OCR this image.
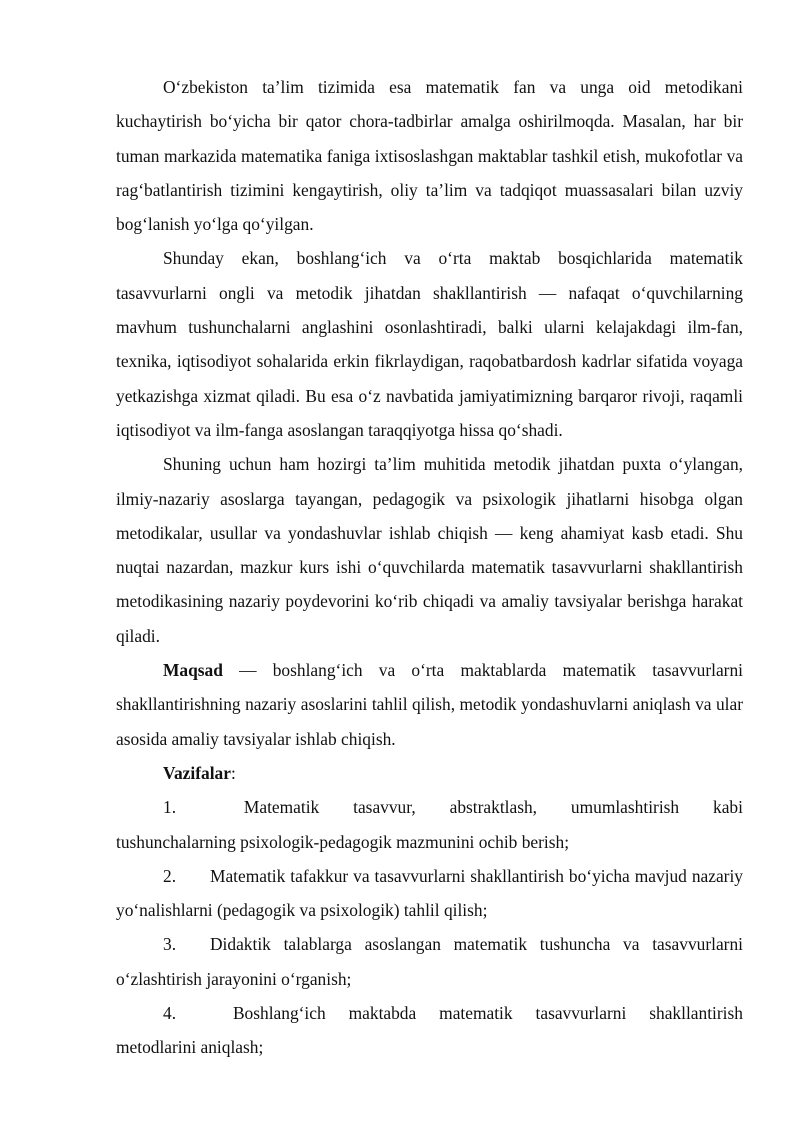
O‘zbekiston ta’lim tizimida esa matematik fan va unga oid metodikani kuchaytirish bo‘yicha bir qator chora-tadbirlar amalga oshirilmoqda. Masalan, har bir tuman markazida matematika faniga ixtisoslashgan maktablar tashkil etish, mukofotlar va rag‘batlantirish tizimini kengaytirish, oliy ta’lim va tadqiqot muassasalari bilan uzviy bog‘lanish yo‘lga qo‘yilgan.

Shunday ekan, boshlang‘ich va o‘rta maktab bosqichlarida matematik tasavvurlarni ongli va metodik jihatdan shakllantirish — nafaqat o‘quvchilarning mavhum tushunchalarni anglashini osonlashtiradi, balki ularni kelajakdagi ilm-fan, texnika, iqtisodiyot sohalarida erkin fikrlaydigan, raqobatbardosh kadrlar sifatida voyaga yetkazishga xizmat qiladi. Bu esa o‘z navbatida jamiyatimizning barqaror rivoji, raqamli iqtisodiyot va ilm-fanga asoslangan taraqqiyotga hissa qo‘shadi.

Shuning uchun ham hozirgi ta’lim muhitida metodik jihatdan puxta o‘ylangan, ilmiy-nazariy asoslarga tayangan, pedagogik va psixologik jihatlarni hisobga olgan metodikalar, usullar va yondashuvlar ishlab chiqish — keng ahamiyat kasb etadi. Shu nuqtai nazardan, mazkur kurs ishi o‘quvchilarda matematik tasavvurlarni shakllantirish metodikasining nazariy poydevorini ko‘rib chiqadi va amaliy tavsiyalar berishga harakat qiladi.

Maqsad — boshlang‘ich va o‘rta maktablarda matematik tasavvurlarni shakllantirishning nazariy asoslarini tahlil qilish, metodik yondashuvlarni aniqlash va ular asosida amaliy tavsiyalar ishlab chiqish.

Vazifalar:

1.	Matematik tasavvur, abstraktlash, umumlashtirish kabi
tushunchalarning psixologik-pedagogik mazmunini ochib berish;

2. Matematik tafakkur va tasavvurlarni shakllantirish bo‘yicha mavjud nazariy yo‘nalishlarni (pedagogik va psixologik) tahlil qilish;

3. Didaktik talablarga asoslangan matematik tushuncha va tasavvurlarni o‘zlashtirish jarayonini o‘rganish;

4.	Boshlang‘ich maktabda matematik tasavvurlarni shakllantirish
metodlarini aniqlash;
